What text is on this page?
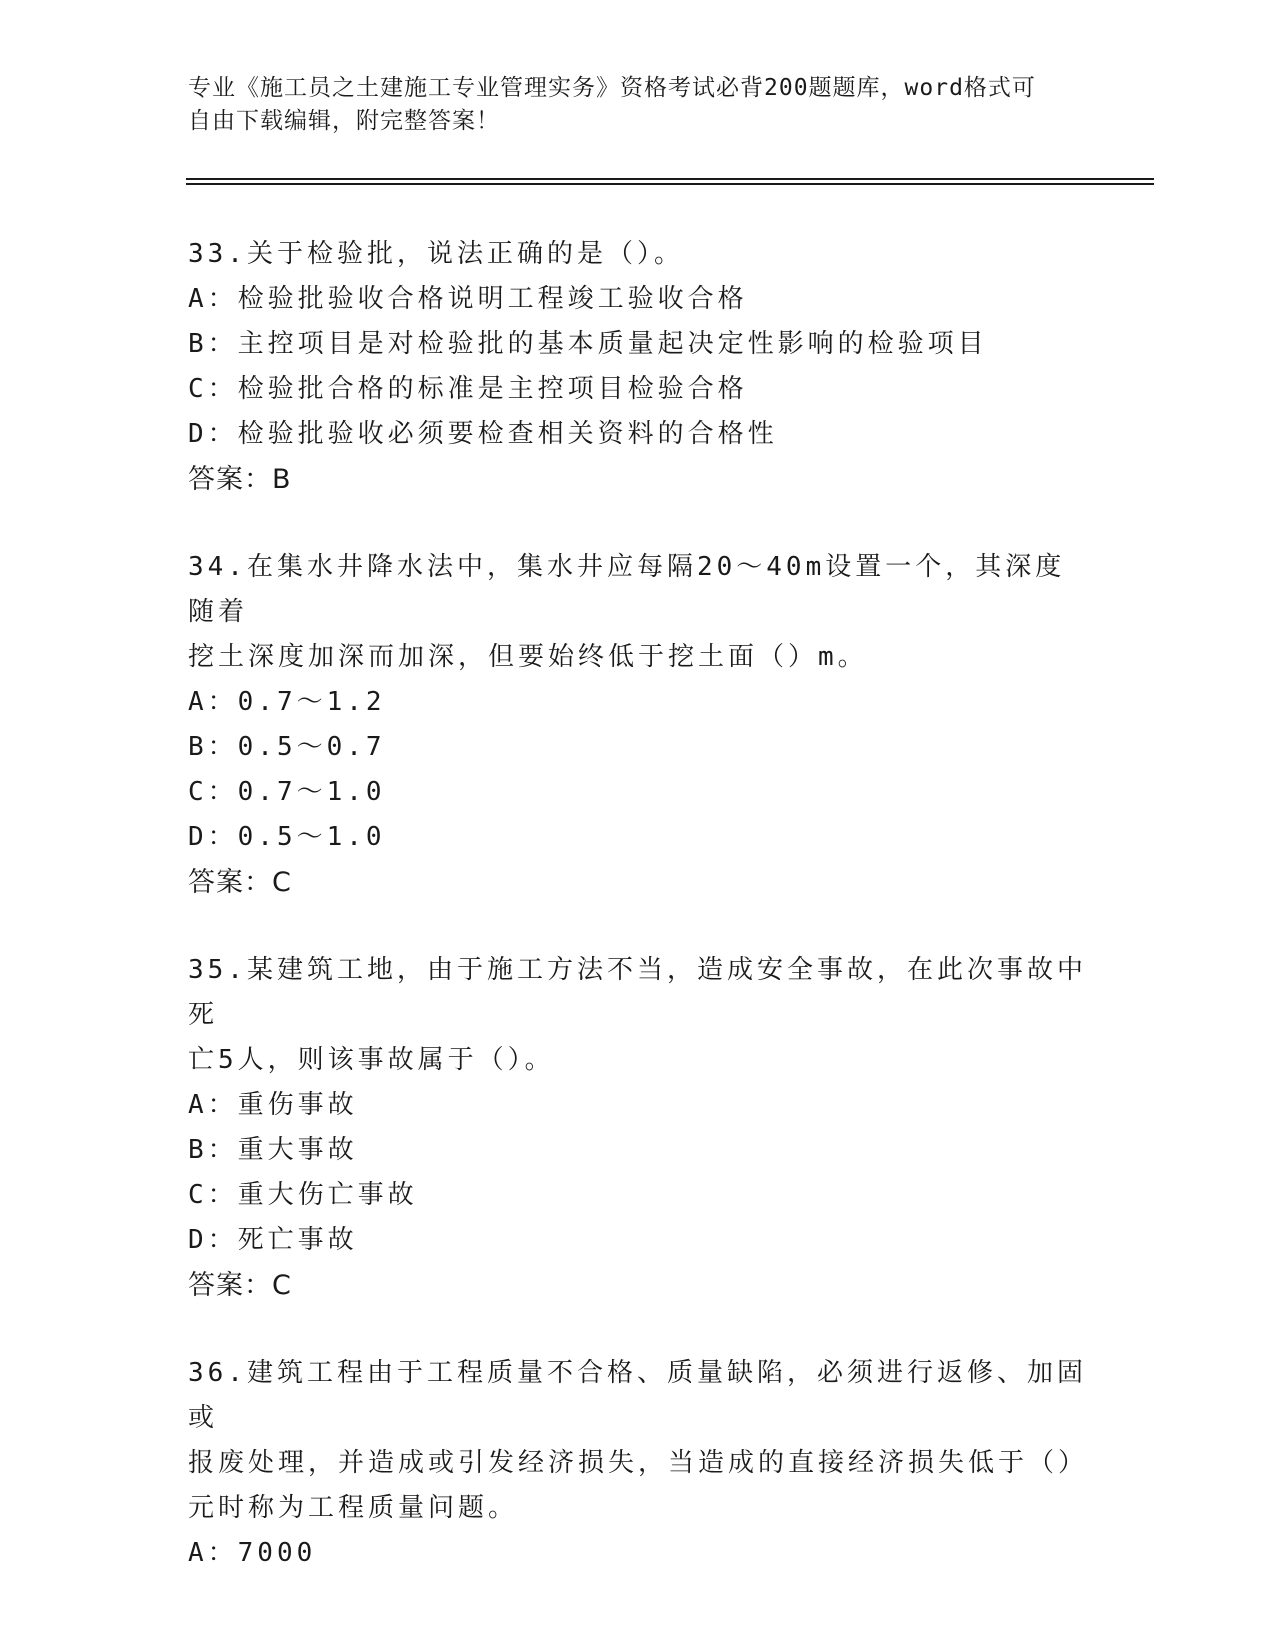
专业《施工员之土建施工专业管理实务》资格考试必背200题题库，word格式可
自由下载编辑，附完整答案！

33.关于检验批，说法正确的是（）。

A：检验批验收合格说明工程竣工验收合格

B：主控项目是对检验批的基本质量起决定性影响的检验项目

C：检验批合格的标准是主控项目检验合格

D：检验批验收必须要检查相关资料的合格性

答案：B

34.在集水井降水法中，集水井应每隔20～40m设置一个，其深度随着

挖土深度加深而加深，但要始终低于挖土面（）m。

A：0.7～1.2

B：0.5～0.7

C：0.7～1.0

D：0.5～1.0

答案：C

35.某建筑工地，由于施工方法不当，造成安全事故，在此次事故中死

亡5人，则该事故属于（）。

A：重伤事故

B：重大事故

C：重大伤亡事故

D：死亡事故

答案：C

36.建筑工程由于工程质量不合格、质量缺陷，必须进行返修、加固或

报废处理，并造成或引发经济损失，当造成的直接经济损失低于（）

元时称为工程质量问题。

A：7000
